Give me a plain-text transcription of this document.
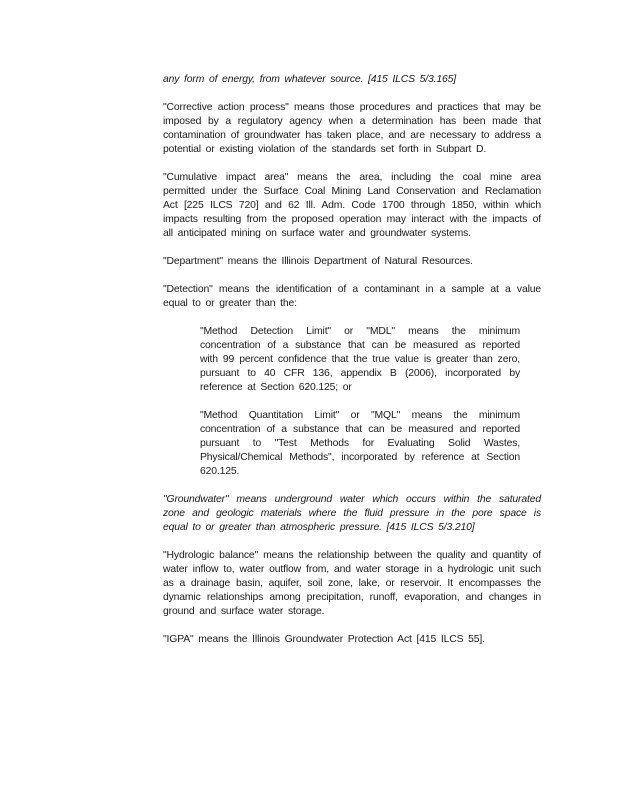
any form of energy, from whatever source. [415 ILCS 5/3.165]

"Corrective action process" means those procedures and practices that may be imposed by a regulatory agency when a determination has been made that contamination of groundwater has taken place, and are necessary to address a potential or existing violation of the standards set forth in Subpart D.

"Cumulative impact area" means the area, including the coal mine area permitted under the Surface Coal Mining Land Conservation and Reclamation Act [225 ILCS 720] and 62 Ill. Adm. Code 1700 through 1850, within which impacts resulting from the proposed operation may interact with the impacts of all anticipated mining on surface water and groundwater systems.

"Department" means the Illinois Department of Natural Resources.

"Detection" means the identification of a contaminant in a sample at a value equal to or greater than the:

"Method Detection Limit" or "MDL" means the minimum concentration of a substance that can be measured as reported with 99 percent confidence that the true value is greater than zero, pursuant to 40 CFR 136, appendix B (2006), incorporated by reference at Section 620.125; or

"Method Quantitation Limit" or "MQL" means the minimum concentration of a substance that can be measured and reported pursuant to "Test Methods for Evaluating Solid Wastes, Physical/Chemical Methods", incorporated by reference at Section 620.125.

"Groundwater" means underground water which occurs within the saturated zone and geologic materials where the fluid pressure in the pore space is equal to or greater than atmospheric pressure. [415 ILCS 5/3.210]

"Hydrologic balance" means the relationship between the quality and quantity of water inflow to, water outflow from, and water storage in a hydrologic unit such as a drainage basin, aquifer, soil zone, lake, or reservoir. It encompasses the dynamic relationships among precipitation, runoff, evaporation, and changes in ground and surface water storage.

"IGPA" means the Illinois Groundwater Protection Act [415 ILCS 55].
